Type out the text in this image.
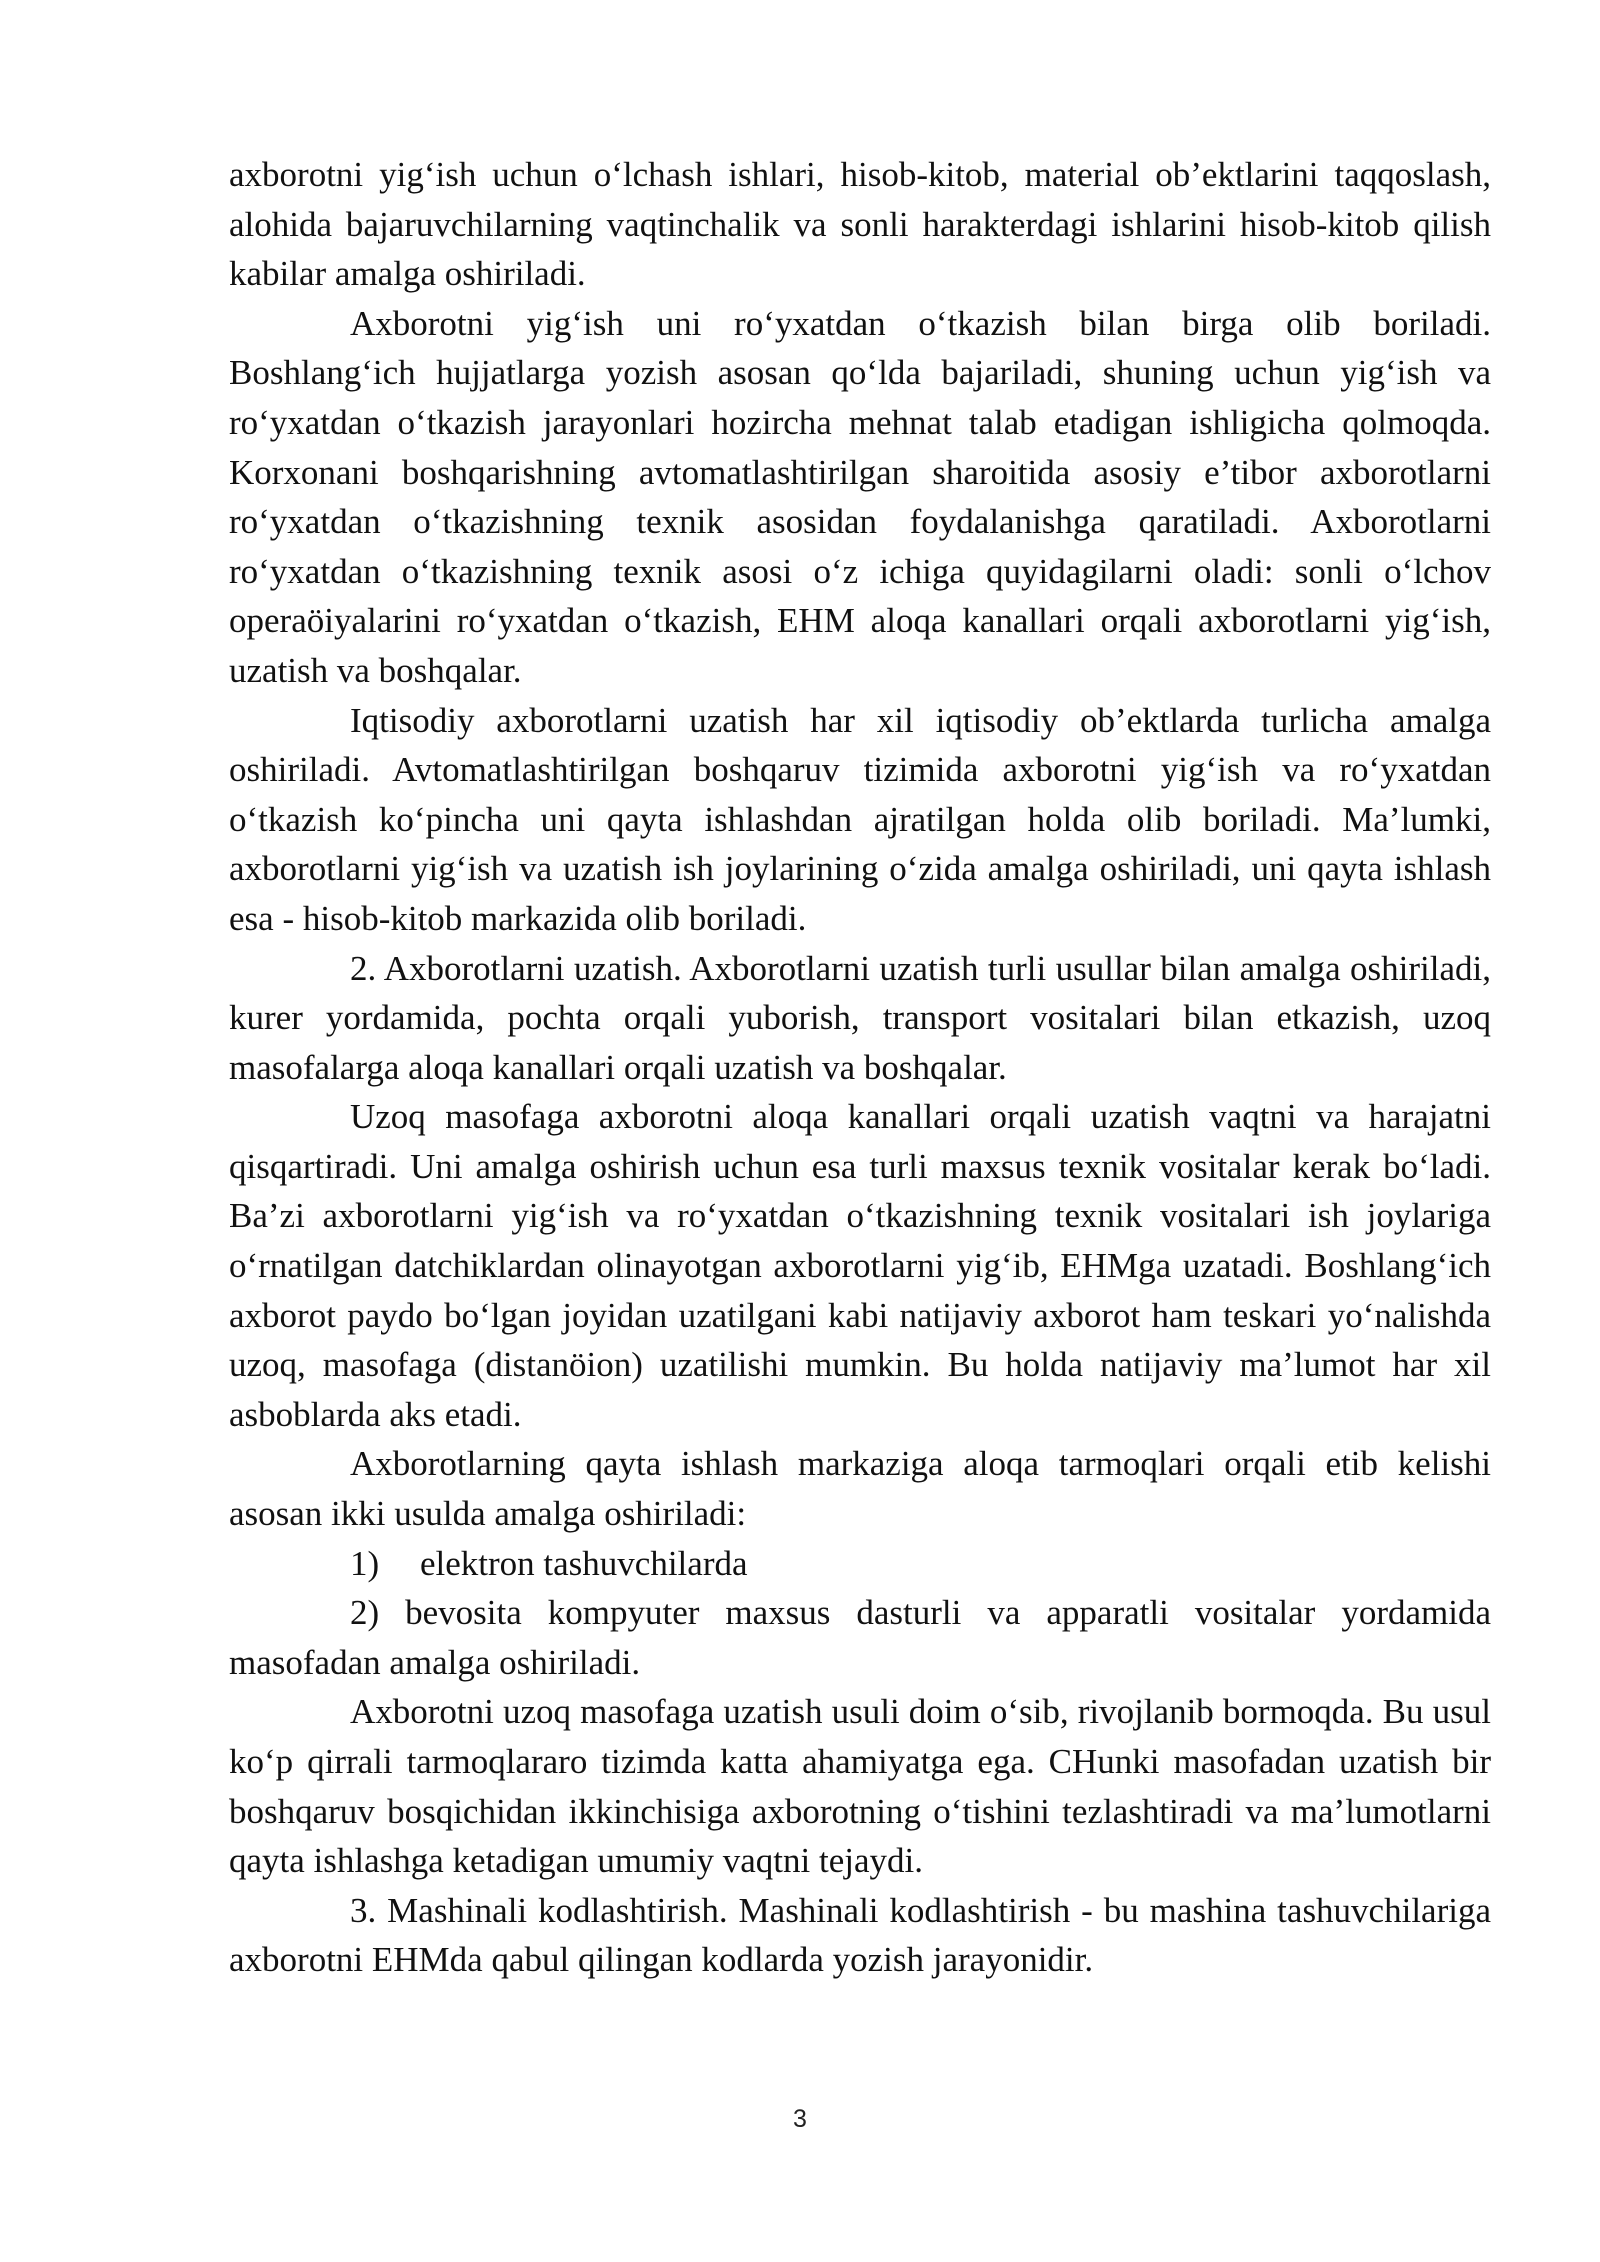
axborotni yig‘ish uchun o‘lchash ishlari, hisob-kitob, material ob’ektlarini taqqoslash, alohida bajaruvchilarning vaqtinchalik va sonli harakterdagi ishlarini hisob-kitob qilish kabilar amalga oshiriladi.

Axborotni yig‘ish uni ro‘yxatdan o‘tkazish bilan birga olib boriladi. Boshlang‘ich hujjatlarga yozish asosan qo‘lda bajariladi, shuning uchun yig‘ish va ro‘yxatdan o‘tkazish jarayonlari hozircha mehnat talab etadigan ishligicha qolmoqda. Korxonani boshqarishning avtomatlashtirilgan sharoitida asosiy e’tibor axborotlarni ro‘yxatdan o‘tkazishning texnik asosidan foydalanishga qaratiladi. Axborotlarni ro‘yxatdan o‘tkazishning texnik asosi o‘z ichiga quyidagilarni oladi: sonli o‘lchov operaöiyalarini ro‘yxatdan o‘tkazish, EHM aloqa kanallari orqali axborotlarni yig‘ish, uzatish va boshqalar.

Iqtisodiy axborotlarni uzatish har xil iqtisodiy ob’ektlarda turlicha amalga oshiriladi. Avtomatlashtirilgan boshqaruv tizimida axborotni yig‘ish va ro‘yxatdan o‘tkazish ko‘pincha uni qayta ishlashdan ajratilgan holda olib boriladi. Ma’lumki, axborotlarni yig‘ish va uzatish ish joylarining o‘zida amalga oshiriladi, uni qayta ishlash esa - hisob-kitob markazida olib boriladi.

2. Axborotlarni uzatish. Axborotlarni uzatish turli usullar bilan amalga oshiriladi, kurer yordamida, pochta orqali yuborish, transport vositalari bilan etkazish, uzoq masofalarga aloqa kanallari orqali uzatish va boshqalar.

Uzoq masofaga axborotni aloqa kanallari orqali uzatish vaqtni va harajatni qisqartiradi. Uni amalga oshirish uchun esa turli maxsus texnik vositalar kerak bo‘ladi. Ba’zi axborotlarni yig‘ish va ro‘yxatdan o‘tkazishning texnik vositalari ish joylariga o‘rnatilgan datchiklardan olinayotgan axborotlarni yig‘ib, EHMga uzatadi. Boshlang‘ich axborot paydo bo‘lgan joyidan uzatilgani kabi natijaviy axborot ham teskari yo‘nalishda uzoq, masofaga (distanöion) uzatilishi mumkin. Bu holda natijaviy ma’lumot har xil asboblarda aks etadi.

Axborotlarning qayta ishlash markaziga aloqa tarmoqlari orqali etib kelishi asosan ikki usulda amalga oshiriladi:

1) elektron tashuvchilarda

2) bevosita kompyuter maxsus dasturli va apparatli vositalar yordamida masofadan amalga oshiriladi.

Axborotni uzoq masofaga uzatish usuli doim o‘sib, rivojlanib bormoqda. Bu usul ko‘p qirrali tarmoqlararo tizimda katta ahamiyatga ega. CHunki masofadan uzatish bir boshqaruv bosqichidan ikkinchisiga axborotning o‘tishini tezlashtiradi va ma’lumotlarni qayta ishlashga ketadigan umumiy vaqtni tejaydi.

3. Mashinali kodlashtirish. Mashinali kodlashtirish - bu mashina tashuvchilariga axborotni EHMda qabul qilingan kodlarda yozish jarayonidir.

3
